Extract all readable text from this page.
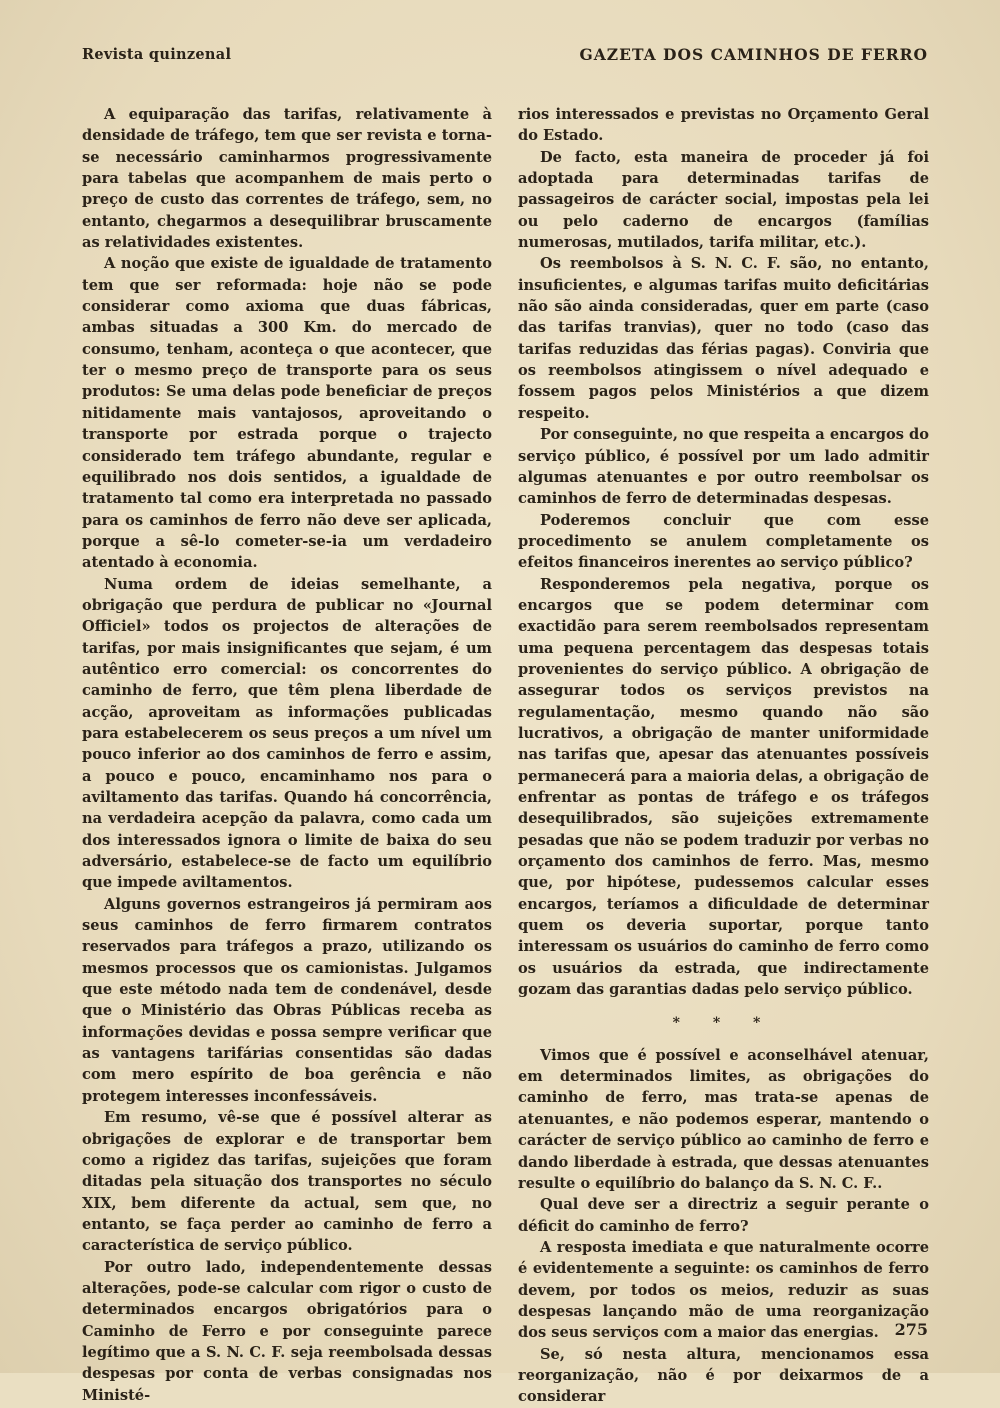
Revista quinzenal	GAZETA DOS CAMINHOS DE FERRO

A equiparação das tarifas, relativamente à densidade de tráfego, tem que ser revista e torna-se necessário caminharmos progressivamente para tabelas que acompanhem de mais perto o preço de custo das correntes de tráfego, sem, no entanto, chegarmos a desequilibrar bruscamente as relatividades existentes.

A noção que existe de igualdade de tratamento tem que ser reformada: hoje não se pode considerar como axioma que duas fábricas, ambas situadas a 300 Km. do mercado de consumo, tenham, aconteça o que acontecer, que ter o mesmo preço de transporte para os seus produtos: Se uma delas pode beneficiar de preços nitidamente mais vantajosos, aproveitando o transporte por estrada porque o trajecto considerado tem tráfego abundante, regular e equilibrado nos dois sentidos, a igualdade de tratamento tal como era interpretada no passado para os caminhos de ferro não deve ser aplicada, porque a sê-lo cometer-se-ia um verdadeiro atentado à economia.

Numa ordem de ideias semelhante, a obrigação que perdura de publicar no «Journal Officiel» todos os projectos de alterações de tarifas, por mais insignificantes que sejam, é um autêntico erro comercial: os concorrentes do caminho de ferro, que têm plena liberdade de acção, aproveitam as informações publicadas para estabelecerem os seus preços a um nível um pouco inferior ao dos caminhos de ferro e assim, a pouco e pouco, encaminhamo nos para o aviltamento das tarifas. Quando há concorrência, na verdadeira acepção da palavra, como cada um dos interessados ignora o limite de baixa do seu adversário, estabelece-se de facto um equilíbrio que impede aviltamentos.

Alguns governos estrangeiros já permiram aos seus caminhos de ferro firmarem contratos reservados para tráfegos a prazo, utilizando os mesmos processos que os camionistas. Julgamos que este método nada tem de condenável, desde que o Ministério das Obras Públicas receba as informações devidas e possa sempre verificar que as vantagens tarifárias consentidas são dadas com mero espírito de boa gerência e não protegem interesses inconfessáveis.

Em resumo, vê-se que é possível alterar as obrigações de explorar e de transportar bem como a rigidez das tarifas, sujeições que foram ditadas pela situação dos transportes no século XIX, bem diferente da actual, sem que, no entanto, se faça perder ao caminho de ferro a característica de serviço público.

Por outro lado, independentemente dessas alterações, pode-se calcular com rigor o custo de determinados encargos obrigatórios para o Caminho de Ferro e por conseguinte parece legítimo que a S. N. C. F. seja reembolsada dessas despesas por conta de verbas consignadas nos Ministé-

rios interessados e previstas no Orçamento Geral do Estado.

De facto, esta maneira de proceder já foi adoptada para determinadas tarifas de passageiros de carácter social, impostas pela lei ou pelo caderno de encargos (famílias numerosas, mutilados, tarifa militar, etc.).

Os reembolsos à S. N. C. F. são, no entanto, insuficientes, e algumas tarifas muito deficitárias não são ainda consideradas, quer em parte (caso das tarifas tranvias), quer no todo (caso das tarifas reduzidas das férias pagas). Conviria que os reembolsos atingissem o nível adequado e fossem pagos pelos Ministérios a que dizem respeito.

Por conseguinte, no que respeita a encargos do serviço público, é possível por um lado admitir algumas atenuantes e por outro reembolsar os caminhos de ferro de determinadas despesas.

Poderemos concluir que com esse procedimento se anulem completamente os efeitos financeiros inerentes ao serviço público?

Responderemos pela negativa, porque os encargos que se podem determinar com exactidão para serem reembolsados representam uma pequena percentagem das despesas totais provenientes do serviço público. A obrigação de assegurar todos os serviços previstos na regulamentação, mesmo quando não são lucrativos, a obrigação de manter uniformidade nas tarifas que, apesar das atenuantes possíveis permanecerá para a maioria delas, a obrigação de enfrentar as pontas de tráfego e os tráfegos desequilibrados, são sujeições extremamente pesadas que não se podem traduzir por verbas no orçamento dos caminhos de ferro. Mas, mesmo que, por hipótese, pudessemos calcular esses encargos, teríamos a dificuldade de determinar quem os deveria suportar, porque tanto interessam os usuários do caminho de ferro como os usuários da estrada, que indirectamente gozam das garantias dadas pelo serviço público.

* * *

Vimos que é possível e aconselhável atenuar, em determinados limites, as obrigações do caminho de ferro, mas trata-se apenas de atenuantes, e não podemos esperar, mantendo o carácter de serviço público ao caminho de ferro e dando liberdade à estrada, que dessas atenuantes resulte o equilíbrio do balanço da S. N. C. F..

Qual deve ser a directriz a seguir perante o déficit do caminho de ferro?

A resposta imediata e que naturalmente ocorre é evidentemente a seguinte: os caminhos de ferro devem, por todos os meios, reduzir as suas despesas lançando mão de uma reorganização dos seus serviços com a maior das energias.

Se, só nesta altura, mencionamos essa reorganização, não é por deixarmos de a considerar

275
